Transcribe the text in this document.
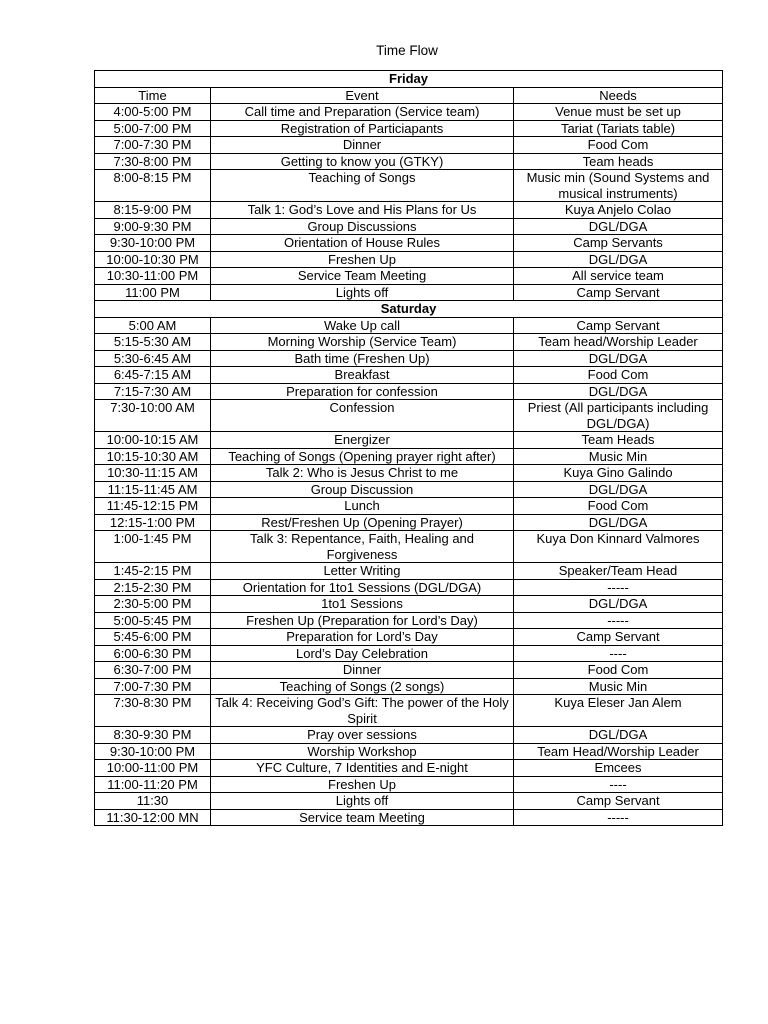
Time Flow
Friday		
Time	Event	Needs
4:00-5:00 PM	Call time and Preparation (Service team)	Venue must be set up
5:00-7:00 PM	Registration of Particiapants	Tariat (Tariats table)
7:00-7:30 PM	Dinner	Food Com
7:30-8:00 PM	Getting to know you (GTKY)	Team heads
8:00-8:15 PM	Teaching of Songs	Music min (Sound Systems and musical instruments)
8:15-9:00 PM	Talk 1: God’s Love and His Plans for Us	Kuya Anjelo Colao
9:00-9:30 PM	Group Discussions	DGL/DGA
9:30-10:00 PM	Orientation of House Rules	Camp Servants
10:00-10:30 PM	Freshen Up	DGL/DGA
10:30-11:00 PM	Service Team Meeting	All service team
11:00 PM	Lights off	Camp Servant
Saturday		
5:00 AM	Wake Up call	Camp Servant
5:15-5:30 AM	Morning Worship (Service Team)	Team head/Worship Leader
5:30-6:45 AM	Bath time (Freshen Up)	DGL/DGA
6:45-7:15 AM	Breakfast	Food Com
7:15-7:30 AM	Preparation for confession	DGL/DGA
7:30-10:00 AM	Confession	Priest (All participants including DGL/DGA)
10:00-10:15 AM	Energizer	Team Heads
10:15-10:30 AM	Teaching of Songs (Opening prayer right after)	Music Min
10:30-11:15 AM	Talk 2: Who is Jesus Christ to me	Kuya Gino Galindo
11:15-11:45 AM	Group Discussion	DGL/DGA
11:45-12:15 PM	Lunch	Food Com
12:15-1:00 PM	Rest/Freshen Up (Opening Prayer)	DGL/DGA
1:00-1:45 PM	Talk 3: Repentance, Faith, Healing and Forgiveness	Kuya Don Kinnard Valmores
1:45-2:15 PM	Letter Writing	Speaker/Team Head
2:15-2:30 PM	Orientation for 1to1 Sessions (DGL/DGA)	-----
2:30-5:00 PM	1to1 Sessions	DGL/DGA
5:00-5:45 PM	Freshen Up (Preparation for Lord’s Day)	-----
5:45-6:00 PM	Preparation for Lord’s Day	Camp Servant
6:00-6:30 PM	Lord’s Day Celebration	----
6:30-7:00 PM	Dinner	Food Com
7:00-7:30 PM	Teaching of Songs (2 songs)	Music Min
7:30-8:30 PM	Talk 4: Receiving God’s Gift: The power of the Holy Spirit	Kuya Eleser Jan Alem
8:30-9:30 PM	Pray over sessions	DGL/DGA
9:30-10:00 PM	Worship Workshop	Team Head/Worship Leader
10:00-11:00 PM	YFC Culture, 7 Identities and E-night	Emcees
11:00-11:20 PM	Freshen Up	----
11:30	Lights off	Camp Servant
11:30-12:00 MN	Service team Meeting	-----
